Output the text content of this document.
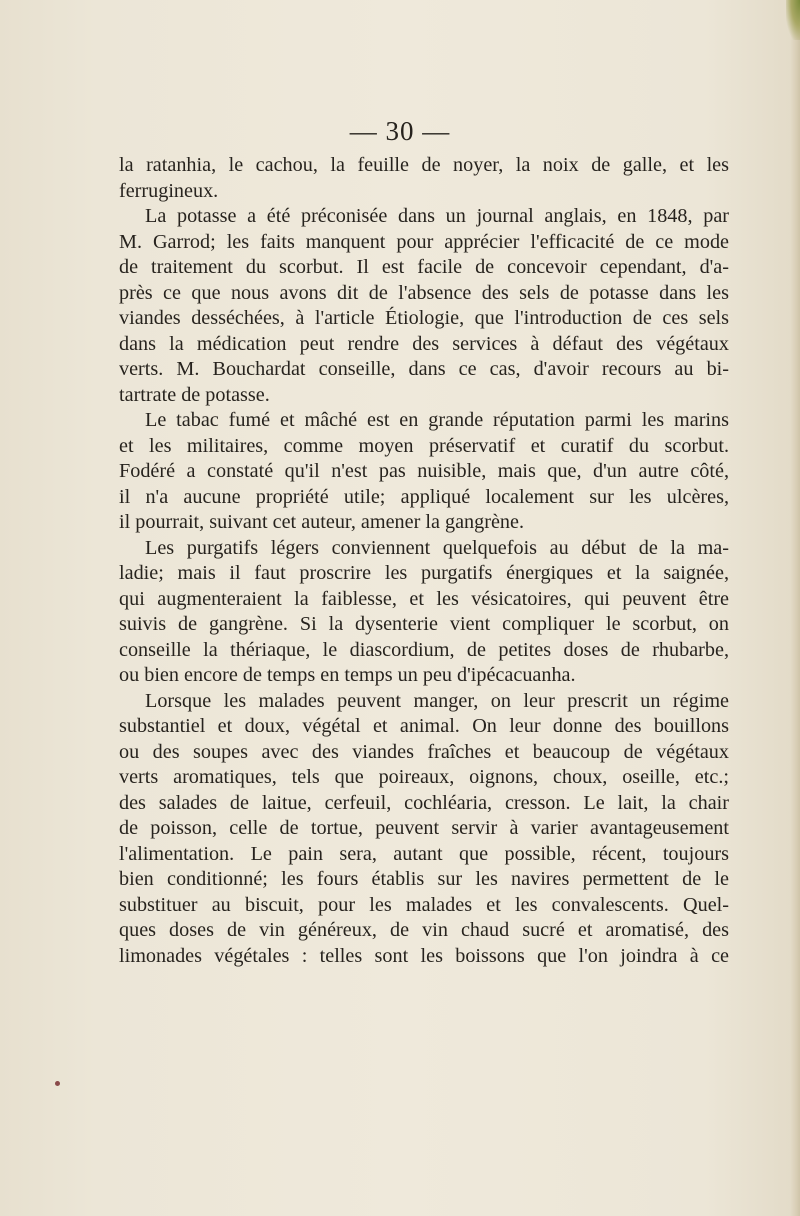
— 30 —
la ratanhia, le cachou, la feuille de noyer, la noix de galle, et les
ferrugineux.
La potasse a été préconisée dans un journal anglais, en 1848, par
M. Garrod; les faits manquent pour apprécier l'efficacité de ce mode
de traitement du scorbut. Il est facile de concevoir cependant, d'a-
près ce que nous avons dit de l'absence des sels de potasse dans les
viandes desséchées, à l'article Étiologie, que l'introduction de ces sels
dans la médication peut rendre des services à défaut des végétaux
verts. M. Bouchardat conseille, dans ce cas, d'avoir recours au bi-
tartrate de potasse.
Le tabac fumé et mâché est en grande réputation parmi les marins
et les militaires, comme moyen préservatif et curatif du scorbut.
Fodéré a constaté qu'il n'est pas nuisible, mais que, d'un autre côté,
il n'a aucune propriété utile; appliqué localement sur les ulcères,
il pourrait, suivant cet auteur, amener la gangrène.
Les purgatifs légers conviennent quelquefois au début de la ma-
ladie; mais il faut proscrire les purgatifs énergiques et la saignée,
qui augmenteraient la faiblesse, et les vésicatoires, qui peuvent être
suivis de gangrène. Si la dysenterie vient compliquer le scorbut, on
conseille la thériaque, le diascordium, de petites doses de rhubarbe,
ou bien encore de temps en temps un peu d'ipécacuanha.
Lorsque les malades peuvent manger, on leur prescrit un régime
substantiel et doux, végétal et animal. On leur donne des bouillons
ou des soupes avec des viandes fraîches et beaucoup de végétaux
verts aromatiques, tels que poireaux, oignons, choux, oseille, etc.;
des salades de laitue, cerfeuil, cochléaria, cresson. Le lait, la chair
de poisson, celle de tortue, peuvent servir à varier avantageusement
l'alimentation. Le pain sera, autant que possible, récent, toujours
bien conditionné; les fours établis sur les navires permettent de le
substituer au biscuit, pour les malades et les convalescents. Quel-
ques doses de vin généreux, de vin chaud sucré et aromatisé, des
limonades végétales : telles sont les boissons que l'on joindra à ce
